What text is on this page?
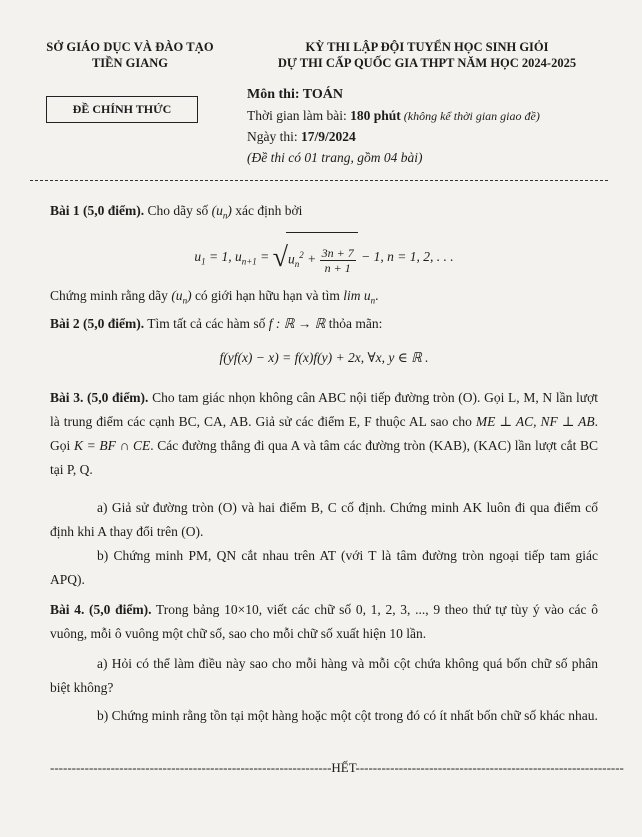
SỞ GIÁO DỤC VÀ ĐÀO TẠO
TIỀN GIANG
KỲ THI LẬP ĐỘI TUYỂN HỌC SINH GIỎI
DỰ THI CẤP QUỐC GIA THPT NĂM HỌC 2024-2025
ĐỀ CHÍNH THỨC
Môn thi: TOÁN
Thời gian làm bài: 180 phút (không kể thời gian giao đề)
Ngày thi: 17/9/2024
(Đề thi có 01 trang, gồm 04 bài)
Bài 1 (5,0 điểm). Cho dãy số $(u_n)$ xác định bởi
$u_1 = 1$, $u_{n+1} = √u_n^2 + \frac{3n + 7}{n + 1} - 1$, n = 1, 2, . . .
Chứng minh rằng dãy $(u_n)$ có giới hạn hữu hạn và tìm $\lim u_n$.
Bài 2 (5,0 điểm). Tìm tất cả các hàm số f : ℝ → ℝ thỏa mãn:
f(yf(x) − x) = f(x)f(y) + 2x, ∀x, y ∈ ℝ .
Bài 3. (5,0 điểm). Cho tam giác nhọn không cân ABC nội tiếp đường tròn (O). Gọi L, M, N lần lượt là trung điểm các cạnh BC, CA, AB. Giả sử các điểm E, F thuộc AL sao cho ME ⊥ AC, NF ⊥ AB. Gọi K = BF ∩ CE. Các đường thẳng đi qua A và tâm các đường tròn (KAB), (KAC) lần lượt cắt BC tại P, Q.
a) Giả sử đường tròn (O) và hai điểm B, C cố định. Chứng minh AK luôn đi qua điểm cố định khi A thay đổi trên (O).
b) Chứng minh PM, QN cắt nhau trên AT (với T là tâm đường tròn ngoại tiếp tam giác APQ).
Bài 4. (5,0 điểm). Trong bảng 10×10, viết các chữ số 0, 1, 2, 3, ..., 9 theo thứ tự tùy ý vào các ô vuông, mỗi ô vuông một chữ số, sao cho mỗi chữ số xuất hiện 10 lần.
a) Hỏi có thể làm điều này sao cho mỗi hàng và mỗi cột chứa không quá bốn chữ số phân biệt không?
b) Chứng minh rằng tồn tại một hàng hoặc một cột trong đó có ít nhất bốn chữ số khác nhau.
-----------------------------------------------------------------HẾT--------------------------------------------------------------
